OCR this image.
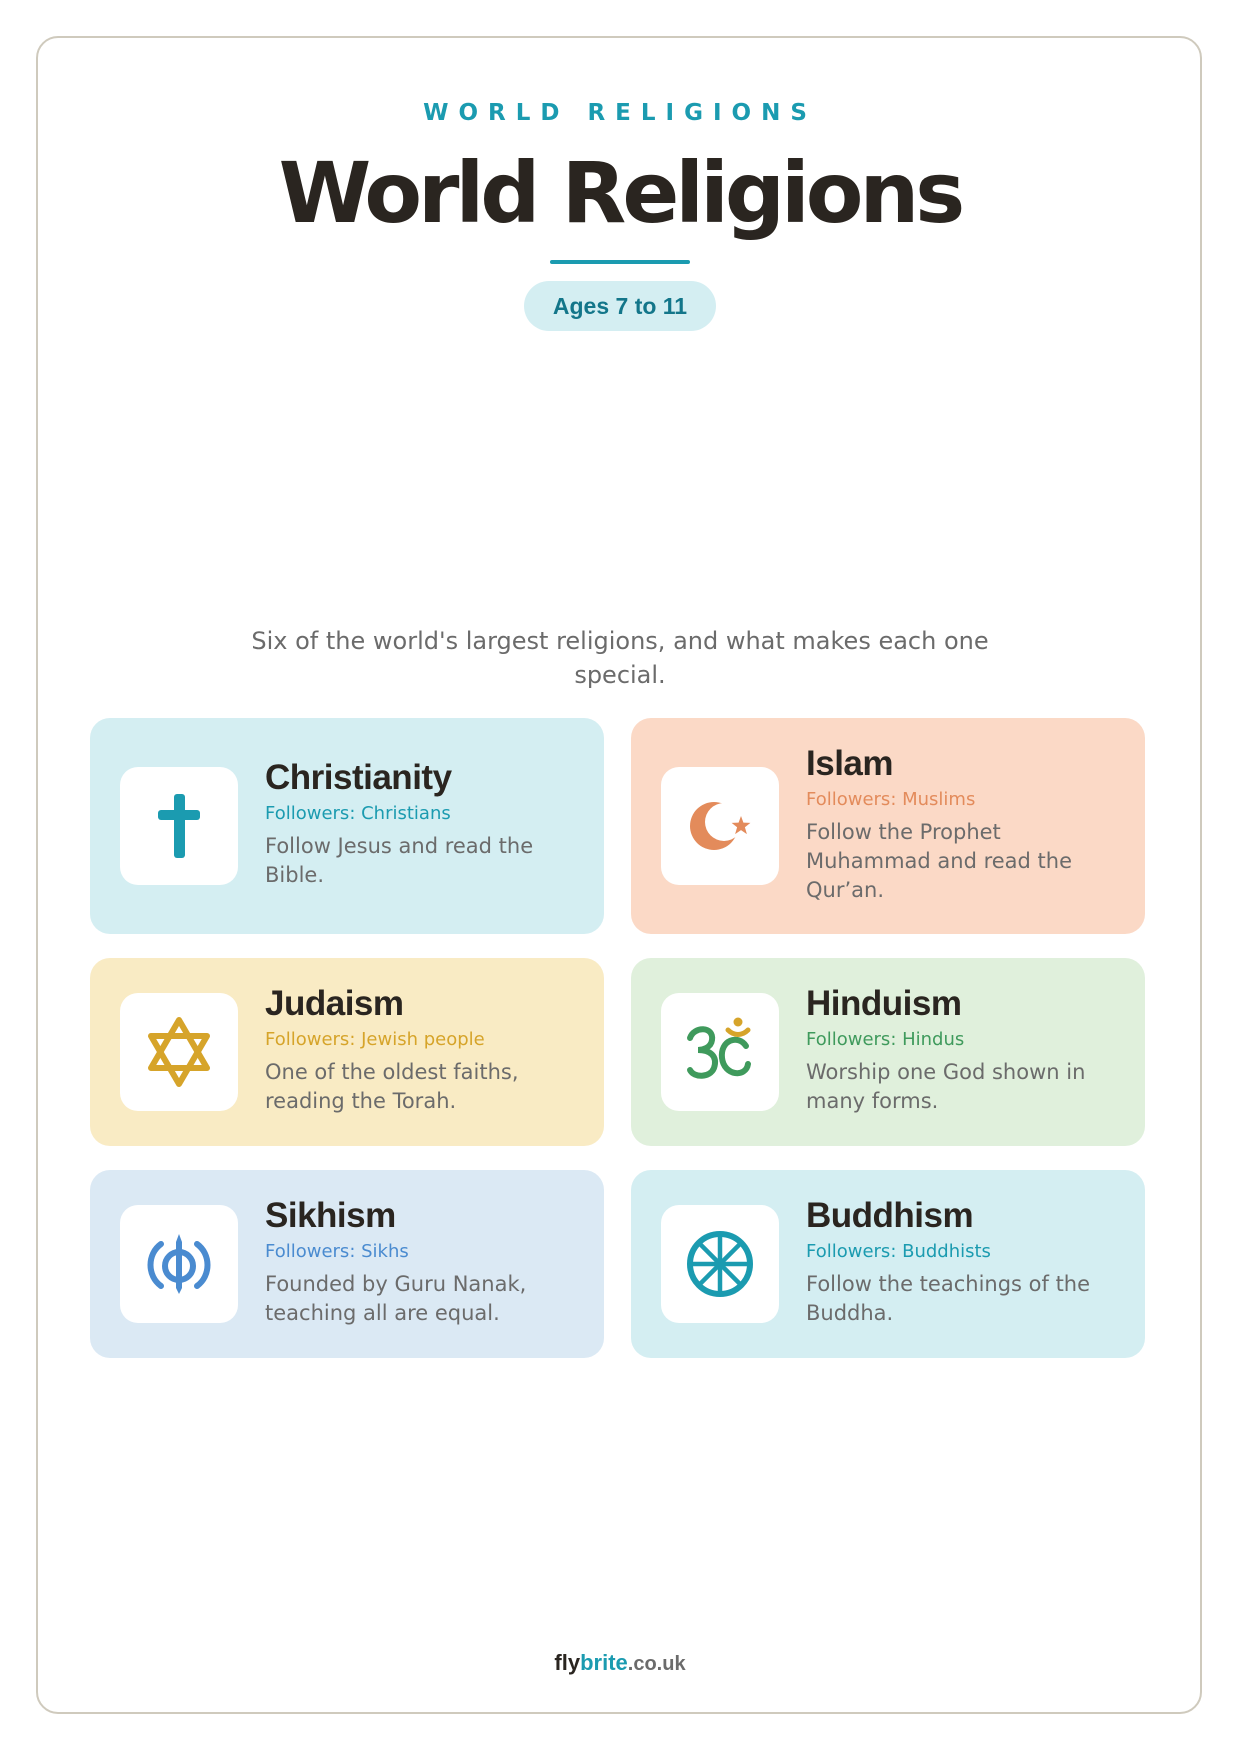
WORLD RELIGIONS
World Religions
Ages 7 to 11
Six of the world's largest religions, and what makes each one special.
Christianity
Followers: Christians
Follow Jesus and read the Bible.
Islam
Followers: Muslims
Follow the Prophet Muhammad and read the Qur’an.
Judaism
Followers: Jewish people
One of the oldest faiths, reading the Torah.
Hinduism
Followers: Hindus
Worship one God shown in many forms.
Sikhism
Followers: Sikhs
Founded by Guru Nanak, teaching all are equal.
Buddhism
Followers: Buddhists
Follow the teachings of the Buddha.
flybrite.co.uk
